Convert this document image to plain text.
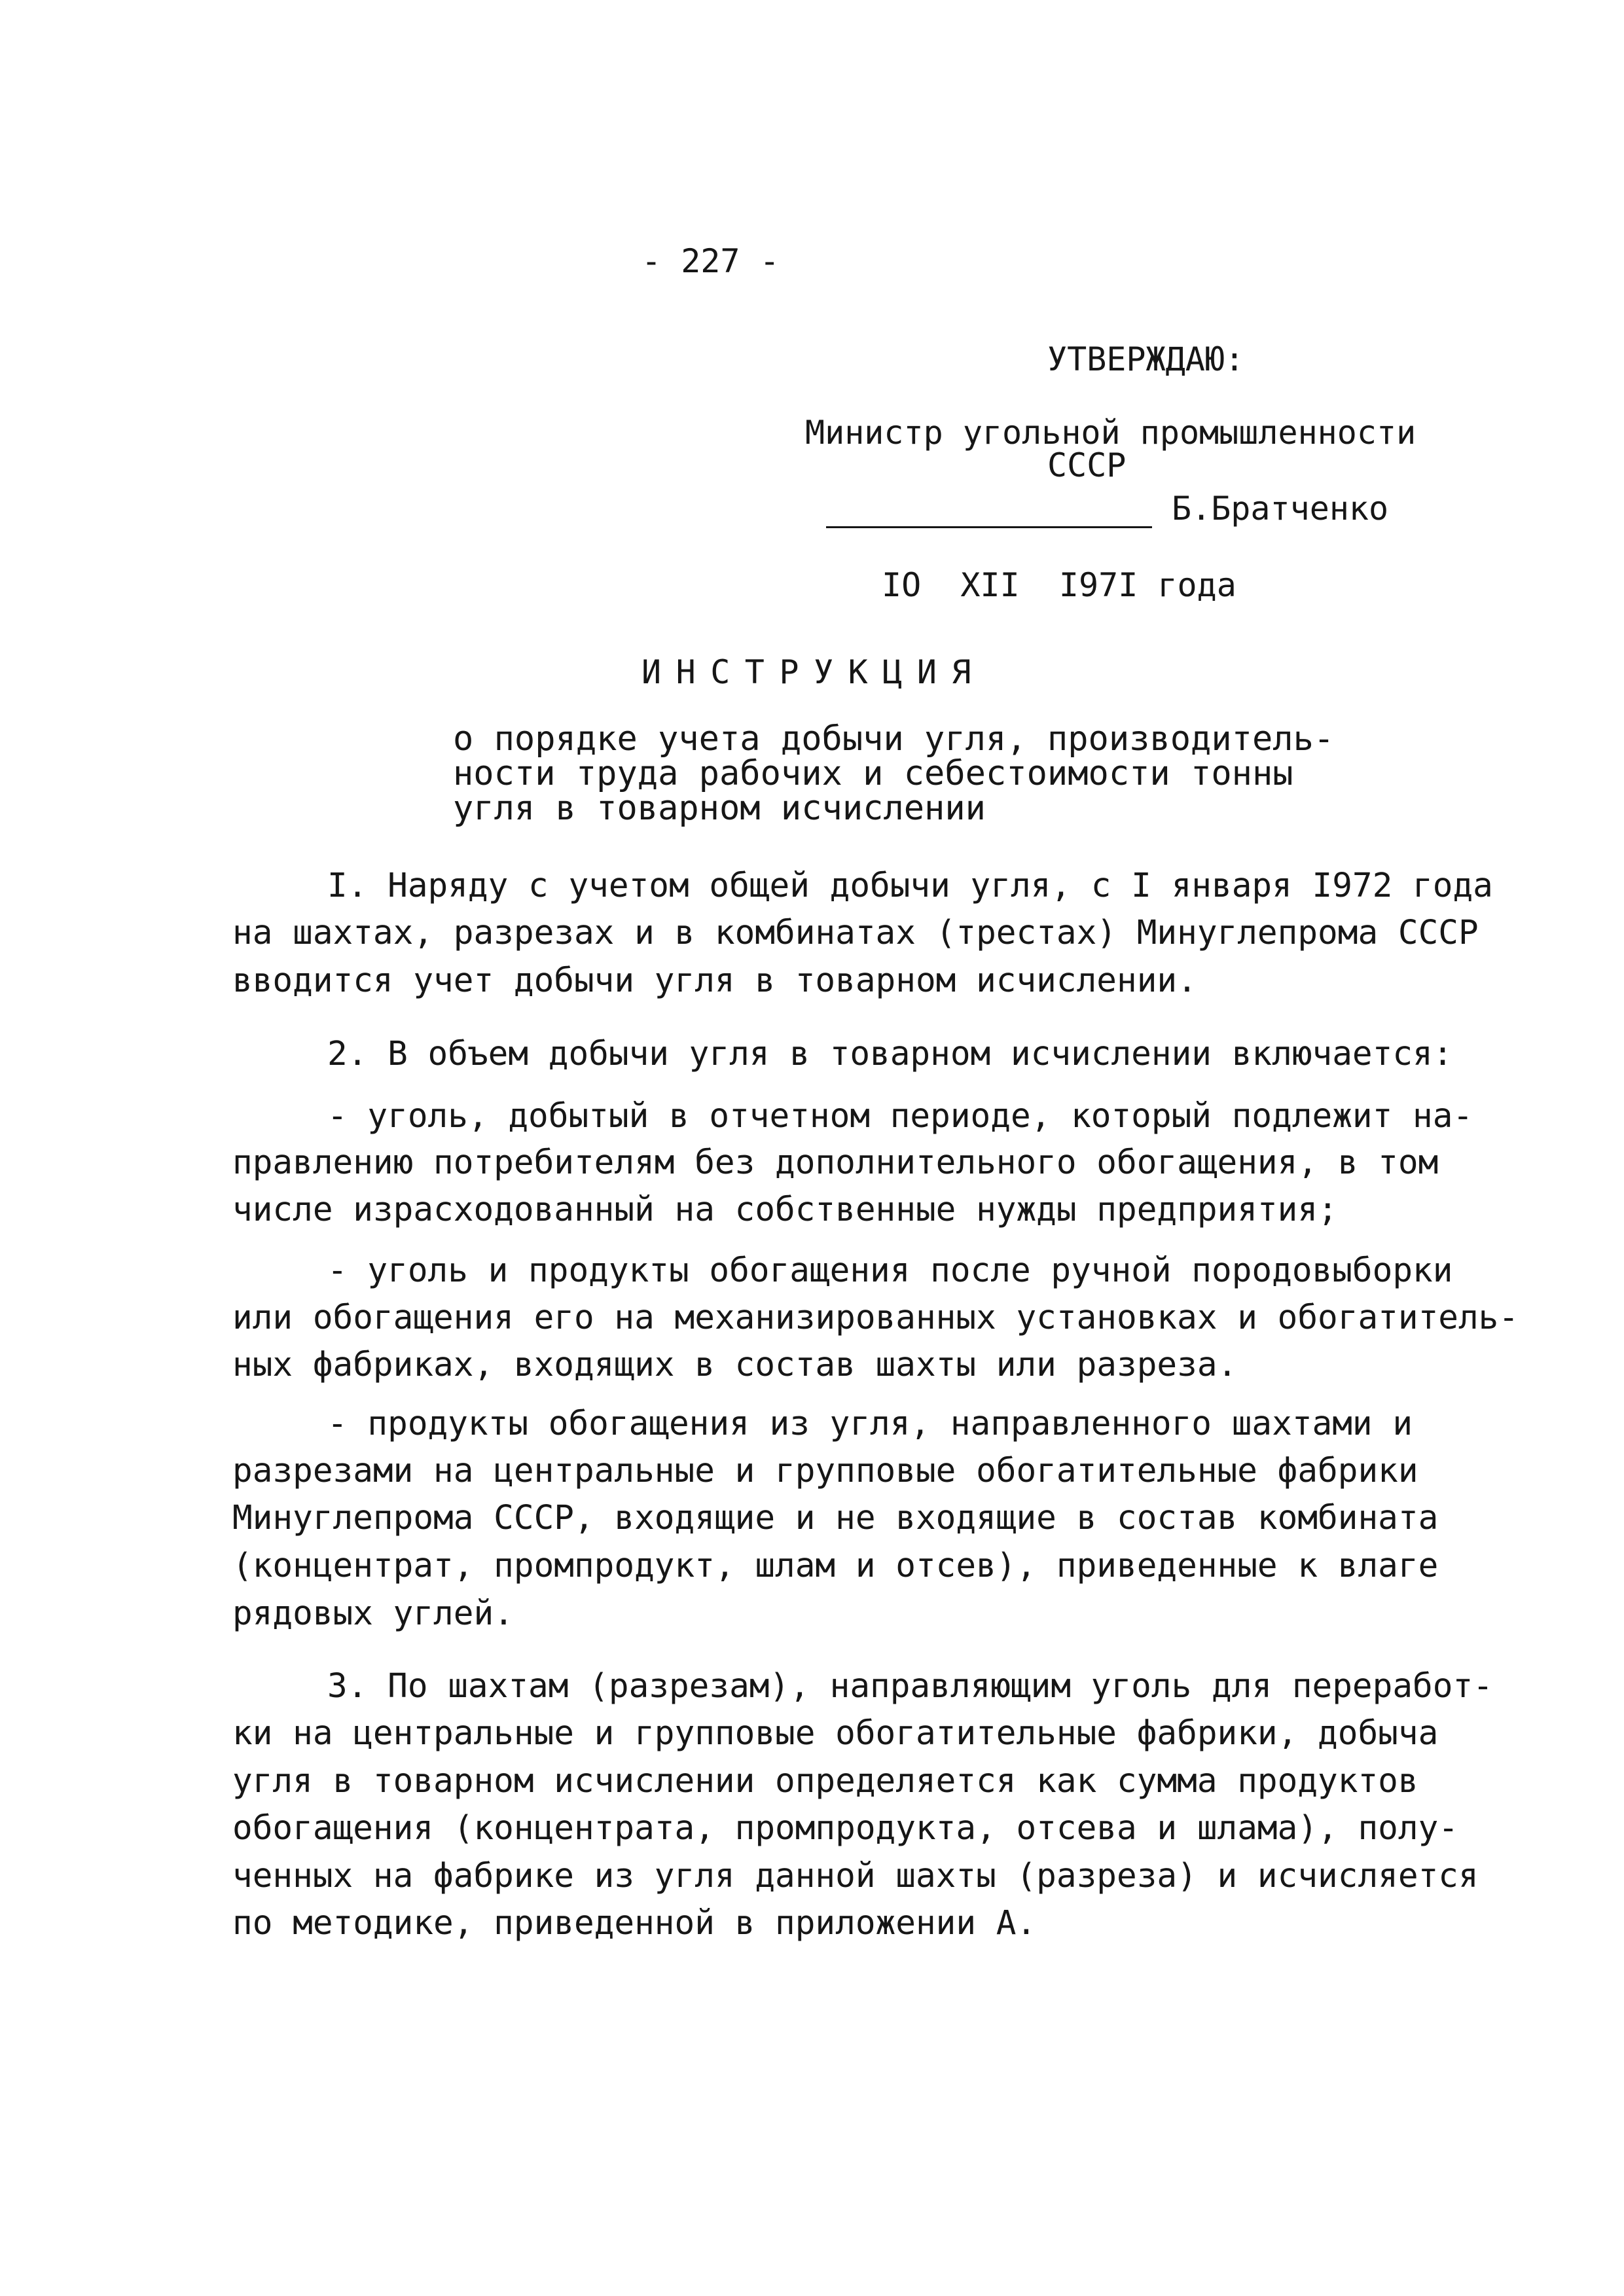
- 227 -
УТВЕРЖДАЮ:
Министр угольной промышленности
СССР
Б.Братченко
IO  XII  I97I года
ИНСТРУКЦИЯ
о порядке учета добычи угля, производитель-
ности труда рабочих и себестоимости тонны
угля в товарном исчислении
I. Наряду с учетом общей добычи угля, с I января I972 года
на шахтах, разрезах и в комбинатах (трестах) Минуглепрома СССР
вводится учет добычи угля в товарном исчислении.
2. В объем добычи угля в товарном исчислении включается:
- уголь, добытый в отчетном периоде, который подлежит на-
правлению потребителям без дополнительного обогащения, в том
числе израсходованный на собственные нужды предприятия;
- уголь и продукты обогащения после ручной породовыборки
или обогащения его на механизированных установках и обогатитель-
ных фабриках, входящих в состав шахты или разреза.
- продукты обогащения из угля, направленного шахтами и
разрезами на центральные и групповые обогатительные фабрики
Минуглепрома СССР, входящие и не входящие в состав комбината
(концентрат, промпродукт, шлам и отсев), приведенные к влаге
рядовых углей.
3. По шахтам (разрезам), направляющим уголь для переработ-
ки на центральные и групповые обогатительные фабрики, добыча
угля в товарном исчислении определяется как сумма продуктов
обогащения (концентрата, промпродукта, отсева и шлама), полу-
ченных на фабрике из угля данной шахты (разреза) и исчисляется
по методике, приведенной в приложении А.
